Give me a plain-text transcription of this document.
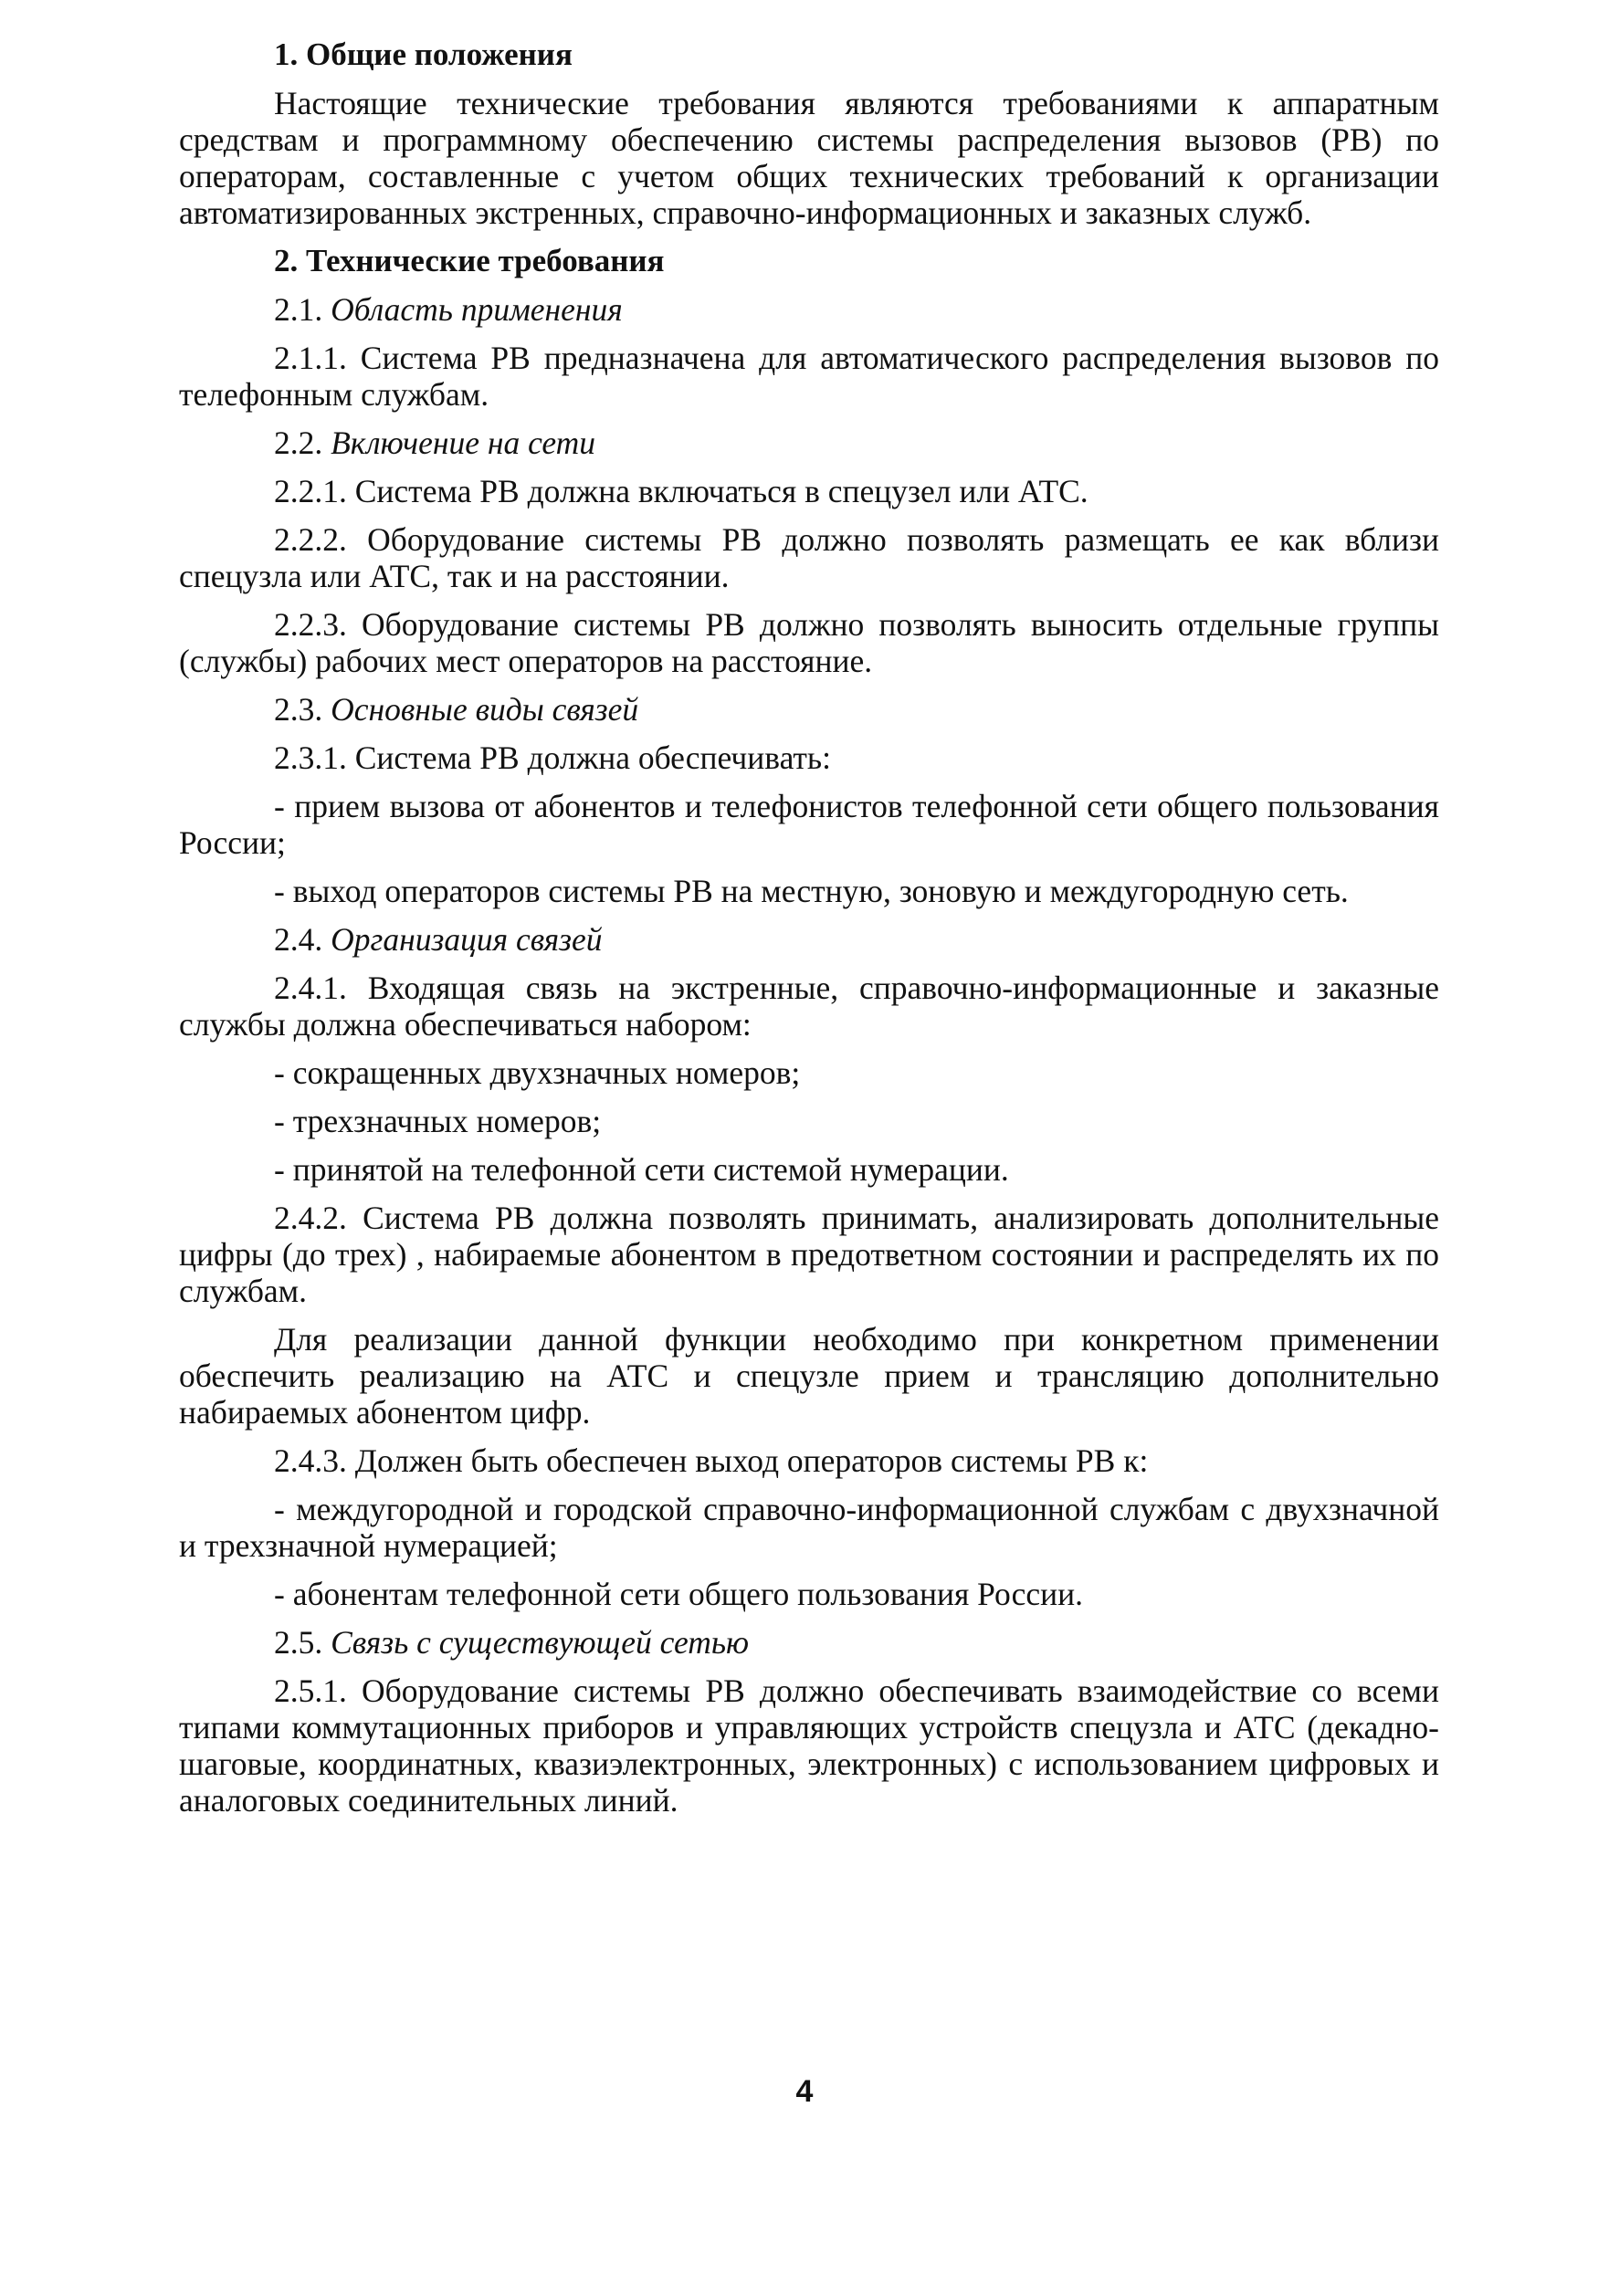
1. Общие положения

Настоящие технические требования являются требованиями к аппаратным средствам и программному обеспечению системы распределения вызовов (РВ) по операторам, составленные с учетом общих технических требований к организации автоматизированных экстренных, справочно-информационных и заказных служб.

2. Технические требования
2.1. Область применения

2.1.1. Система РВ предназначена для автоматического распределения вызовов по телефонным службам.

2.2. Включение на сети

2.2.1. Система РВ должна включаться в спецузел или АТС.

2.2.2. Оборудование системы РВ должно позволять размещать ее как вблизи спецузла или АТС, так и на расстоянии.

2.2.3. Оборудование системы РВ должно позволять выносить отдельные группы (службы) рабочих мест операторов на расстояние.

2.3. Основные виды связей

2.3.1. Система РВ должна обеспечивать:

- прием вызова от абонентов и телефонистов телефонной сети общего пользования России;

- выход операторов системы РВ на местную, зоновую и междугородную сеть.

2.4. Организация связей

2.4.1. Входящая связь на экстренные, справочно-информационные и заказные службы должна обеспечиваться набором:

- сокращенных двухзначных номеров;

- трехзначных номеров;

- принятой на телефонной сети системой нумерации.

2.4.2. Система РВ должна позволять принимать, анализировать дополнительные цифры (до трех) , набираемые абонентом в предответном состоянии и распределять их по службам.

Для реализации данной функции необходимо при конкретном применении обеспечить реализацию на АТС и спецузле прием и трансляцию дополнительно набираемых абонентом цифр.

2.4.3. Должен быть обеспечен выход операторов системы РВ к:

- междугородной и городской справочно-информационной службам с двухзначной и трехзначной нумерацией;

- абонентам телефонной сети общего пользования России.

2.5. Связь с существующей сетью

2.5.1. Оборудование системы РВ должно обеспечивать взаимодействие со всеми типами коммутационных приборов и управляющих устройств спецузла и АТС (декадно-шаговые, координатных, квазиэлектронных, электронных) с использованием цифровых и аналоговых соединительных линий.

4
